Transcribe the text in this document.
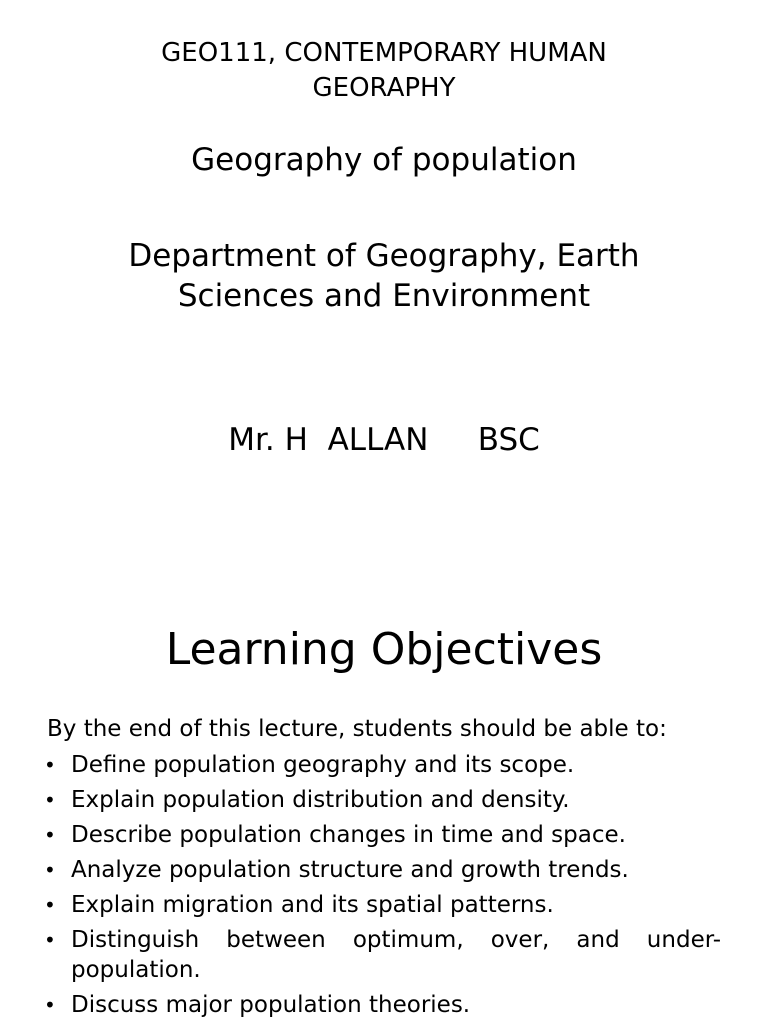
GEO111, CONTEMPORARY HUMAN
GEORAPHY
Geography of population
Department of Geography, Earth
Sciences and Environment
Mr. H  ALLAN     BSC
Learning Objectives
By the end of this lecture, students should be able to:
• Define population geography and its scope.
• Explain population distribution and density.
• Describe population changes in time and space.
• Analyze population structure and growth trends.
• Explain migration and its spatial patterns.
• Distinguish between optimum, over, and under-population.
• Discuss major population theories.
